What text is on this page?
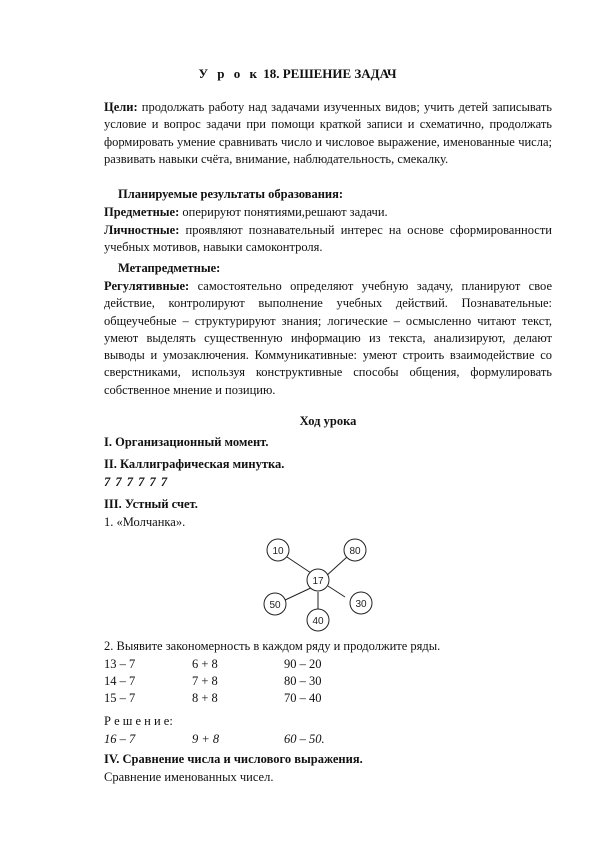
У р о к 18. РЕШЕНИЕ ЗАДАЧ
Цели: продолжать работу над задачами изученных видов; учить детей записывать условие и вопрос задачи при помощи краткой записи и схематично, продолжать формировать умение сравнивать число и числовое выражение, именованные числа; развивать навыки счёта, внимание, наблюдательность, смекалку.
Планируемые результаты образования:
Предметные: оперируют понятиями,решают задачи.
Личностные: проявляют познавательный интерес на основе сформированности учебных мотивов, навыки самоконтроля.
Метапредметные:
Регулятивные: самостоятельно определяют учебную задачу, планируют свое действие, контролируют выполнение учебных действий. Познавательные: общеучебные – структурируют знания; логические – осмысленно читают текст, умеют выделять существенную информацию из текста, анализируют, делают выводы и умозаключения. Коммуникативные: умеют строить взаимодействие со сверстниками, используя конструктивные способы общения, формулировать собственное мнение и позицию.
Ход урока
I. Организационный момент.
II. Каллиграфическая минутка.
7 7 7 7 7 7
III. Устный счет.
1. «Молчанка».
10	80
17
30
40
50
2. Выявите закономерность в каждом ряду и продолжите ряды.
13 – 7	6 + 8	90 – 20
14 – 7	7 + 8	80 – 30
15 – 7	8 + 8	70 – 40
Р е ш е н и е:
16 – 7	9 + 8	60 – 50.
IV. Сравнение числа и числового выражения.
Сравнение именованных чисел.
